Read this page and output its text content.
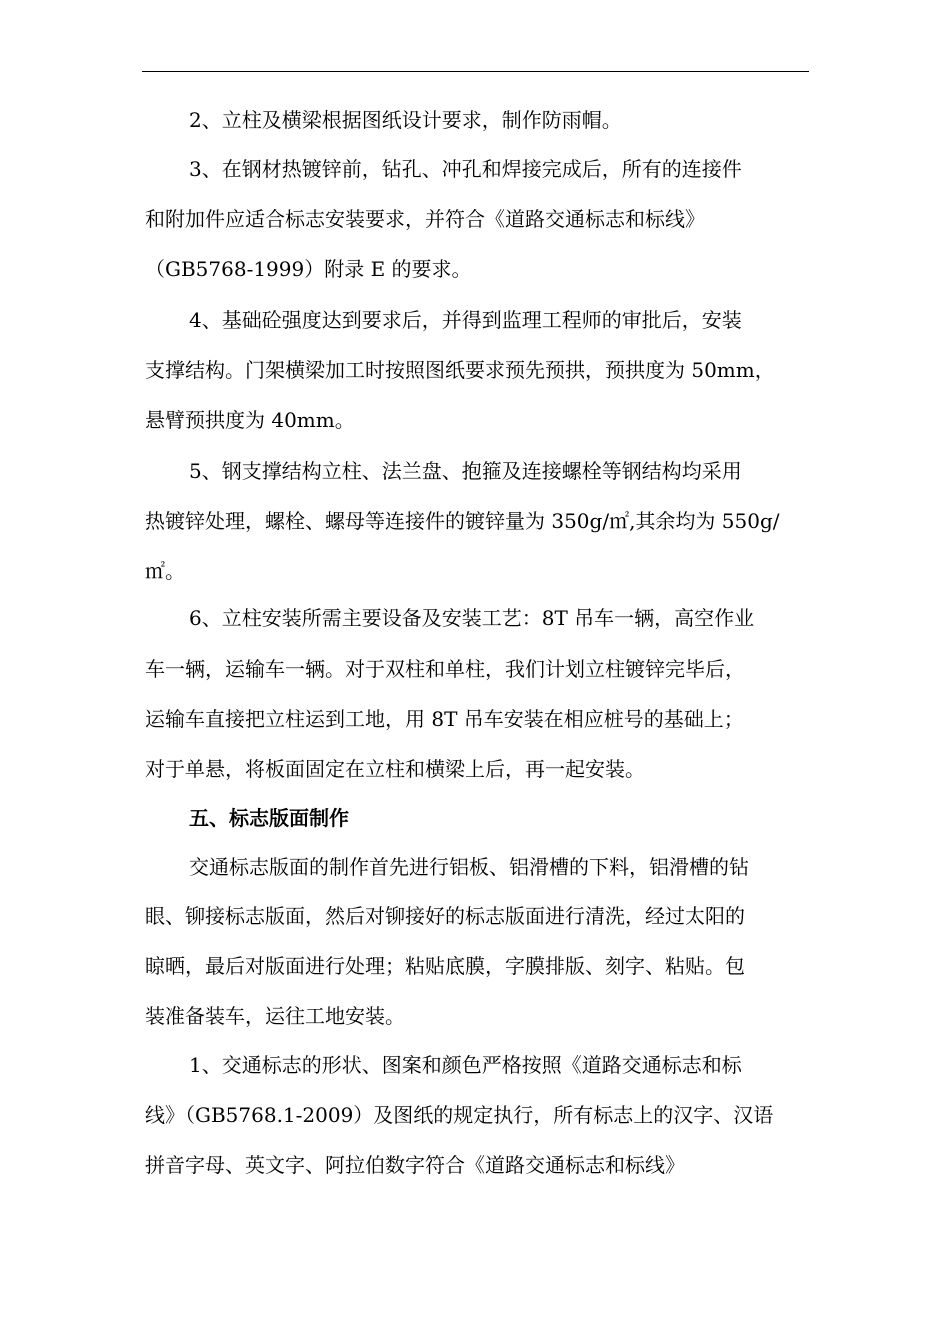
2、立柱及横梁根据图纸设计要求，制作防雨帽。
3、在钢材热镀锌前，钻孔、冲孔和焊接完成后，所有的连接件
和附加件应适合标志安装要求，并符合《道路交通标志和标线》
（GB5768-1999）附录 E 的要求。
4、基础砼强度达到要求后，并得到监理工程师的审批后，安装
支撑结构。门架横梁加工时按照图纸要求预先预拱，预拱度为 50mm，
悬臂预拱度为 40mm。
5、钢支撑结构立柱、法兰盘、抱箍及连接螺栓等钢结构均采用
热镀锌处理，螺栓、螺母等连接件的镀锌量为 350g/㎡,其余均为 550g/
㎡。
6、立柱安装所需主要设备及安装工艺：8T 吊车一辆，高空作业
车一辆，运输车一辆。对于双柱和单柱，我们计划立柱镀锌完毕后，
运输车直接把立柱运到工地，用 8T 吊车安装在相应桩号的基础上；
对于单悬，将板面固定在立柱和横梁上后，再一起安装。
五、标志版面制作
交通标志版面的制作首先进行铝板、铝滑槽的下料，铝滑槽的钻
眼、铆接标志版面，然后对铆接好的标志版面进行清洗，经过太阳的
晾晒，最后对版面进行处理；粘贴底膜，字膜排版、刻字、粘贴。包
装准备装车，运往工地安装。
1、交通标志的形状、图案和颜色严格按照《道路交通标志和标
线》（GB5768.1-2009）及图纸的规定执行，所有标志上的汉字、汉语
拼音字母、英文字、阿拉伯数字符合《道路交通标志和标线》
